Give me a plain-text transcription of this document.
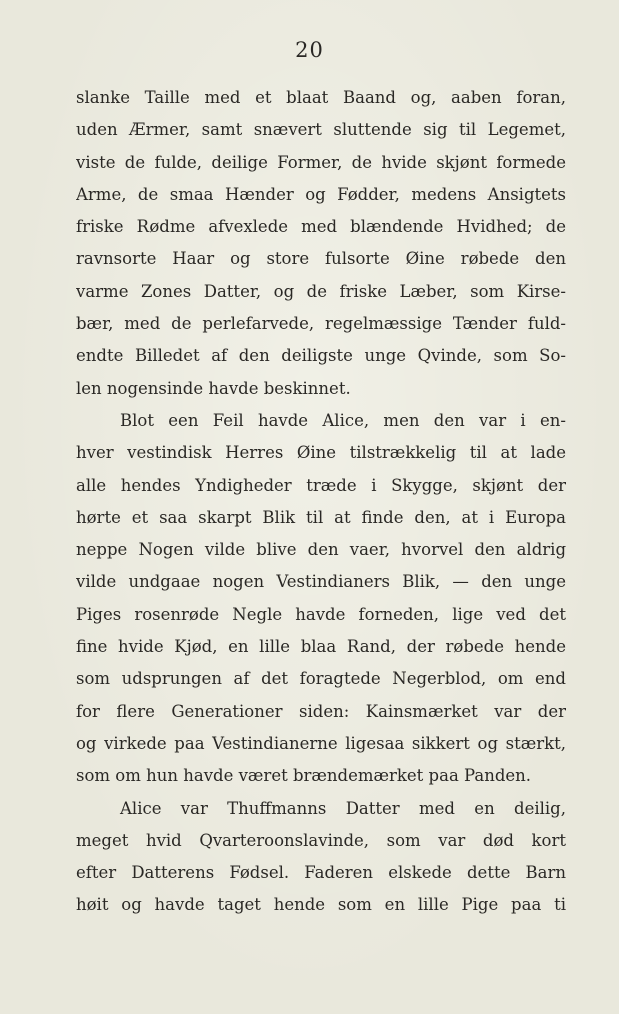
20
slanke Taille med et blaat Baand og, aaben foran,
uden Ærmer, samt snævert sluttende sig til Legemet,
viste de fulde, deilige Former, de hvide skjønt formede
Arme, de smaa Hænder og Fødder, medens Ansigtets
friske Rødme afvexlede med blændende Hvidhed; de
ravnsorte Haar og store fulsorte Øine røbede den
varme Zones Datter, og de friske Læber, som Kirse-
bær, med de perlefarvede, regelmæssige Tænder fuld-
endte Billedet af den deiligste unge Qvinde, som So-
len nogensinde havde beskinnet.
Blot een Feil havde Alice, men den var i en-
hver vestindisk Herres Øine tilstrækkelig til at lade
alle hendes Yndigheder træde i Skygge, skjønt der
hørte et saa skarpt Blik til at finde den, at i Europa
neppe Nogen vilde blive den vaer, hvorvel den aldrig
vilde undgaae nogen Vestindianers Blik, — den unge
Piges rosenrøde Negle havde forneden, lige ved det
fine hvide Kjød, en lille blaa Rand, der røbede hende
som udsprungen af det foragtede Negerblod, om end
for flere Generationer siden: Kainsmærket var der
og virkede paa Vestindianerne ligesaa sikkert og stærkt,
som om hun havde været brændemærket paa Panden.
Alice var Thuffmanns Datter med en deilig,
meget hvid Qvarteroonslavinde, som var død kort
efter Datterens Fødsel. Faderen elskede dette Barn
høit og havde taget hende som en lille Pige paa ti
